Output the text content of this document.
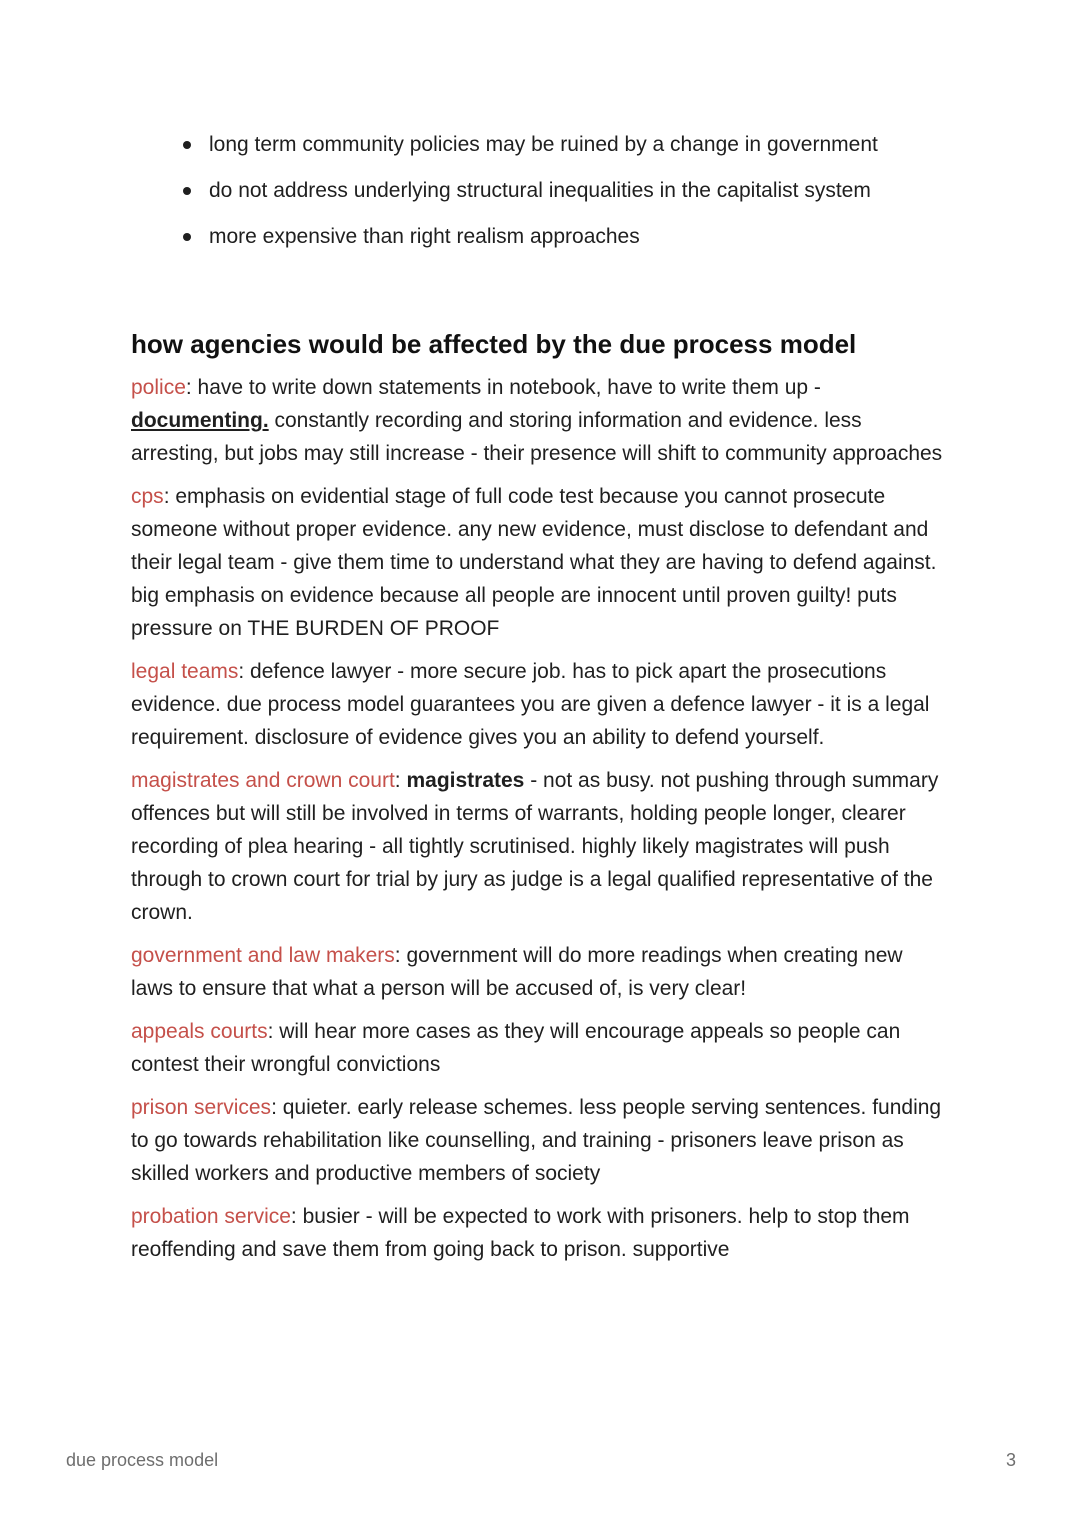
long term community policies may be ruined by a change in government
do not address underlying structural inequalities in the capitalist system
more expensive than right realism approaches
how agencies would be affected by the due process model

police: have to write down statements in notebook, have to write them up - documenting. constantly recording and storing information and evidence. less arresting, but jobs may still increase - their presence will shift to community approaches

cps: emphasis on evidential stage of full code test because you cannot prosecute someone without proper evidence. any new evidence, must disclose to defendant and their legal team - give them time to understand what they are having to defend against. big emphasis on evidence because all people are innocent until proven guilty! puts pressure on THE BURDEN OF PROOF

legal teams: defence lawyer - more secure job. has to pick apart the prosecutions evidence. due process model guarantees you are given a defence lawyer - it is a legal requirement. disclosure of evidence gives you an ability to defend yourself.

magistrates and crown court: magistrates - not as busy. not pushing through summary offences but will still be involved in terms of warrants, holding people longer, clearer recording of plea hearing - all tightly scrutinised. highly likely magistrates will push through to crown court for trial by jury as judge is a legal qualified representative of the crown.

government and law makers: government will do more readings when creating new laws to ensure that what a person will be accused of, is very clear!

appeals courts: will hear more cases as they will encourage appeals so people can contest their wrongful convictions

prison services: quieter. early release schemes. less people serving sentences. funding to go towards rehabilitation like counselling, and training - prisoners leave prison as skilled workers and productive members of society

probation service: busier - will be expected to work with prisoners. help to stop them reoffending and save them from going back to prison. supportive

due process model	3
